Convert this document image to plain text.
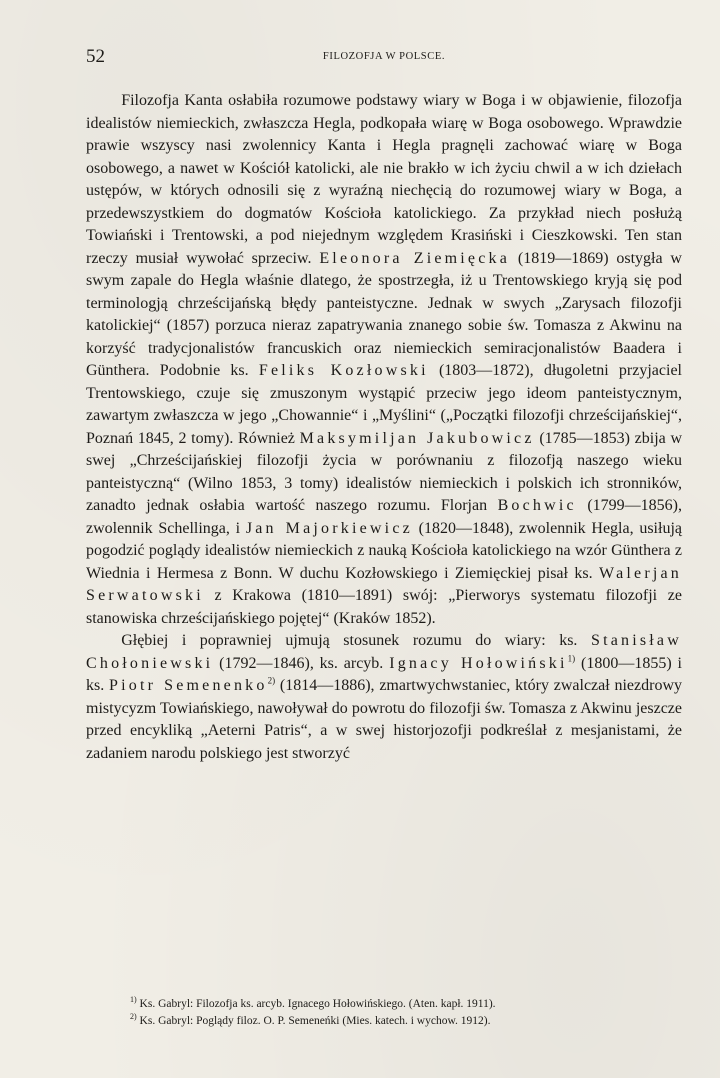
52	FILOZOFJA W POLSCE.

Filozofja Kanta osłabiła rozumowe podstawy wiary w Boga i w objawienie, filozofja idealistów niemieckich, zwłaszcza Hegla, podkopała wiarę w Boga osobowego. Wprawdzie prawie wszyscy nasi zwolennicy Kanta i Hegla pragnęli zachować wiarę w Boga osobowego, a nawet w Kościół katolicki, ale nie brakło w ich życiu chwil a w ich dziełach ustępów, w których odnosili się z wyraźną niechęcią do rozumowej wiary w Boga, a przedewszystkiem do dogmatów Kościoła katolickiego. Za przykład niech posłużą Towiański i Trentowski, a pod niejednym względem Krasiński i Cieszkowski. Ten stan rzeczy musiał wywołać sprzeciw. Eleonora Ziemięcka (1819—1869) ostygła w swym zapale do Hegla właśnie dlatego, że spostrzegła, iż u Trentowskiego kryją się pod terminologją chrześcijańską błędy panteistyczne. Jednak w swych „Zarysach filozofji katolickiej“ (1857) porzuca nieraz zapatrywania znanego sobie św. Tomasza z Akwinu na korzyść tradycjonalistów francuskich oraz niemieckich semiracjonalistów Baadera i Günthera. Podobnie ks. Feliks Kozłowski (1803—1872), długoletni przyjaciel Trentowskiego, czuje się zmuszonym wystąpić przeciw jego ideom panteistycznym, zawartym zwłaszcza w jego „Chowannie“ i „Myślini“ („Początki filozofji chrześcijańskiej“, Poznań 1845, 2 tomy). Również Maksymiljan Jakubowicz (1785—1853) zbija w swej „Chrześcijańskiej filozofji życia w porównaniu z filozofją naszego wieku panteistyczną“ (Wilno 1853, 3 tomy) idealistów niemieckich i polskich ich stronników, zanadto jednak osłabia wartość naszego rozumu. Florjan Bochwic (1799—1856), zwolennik Schellinga, i Jan Majorkiewicz (1820—1848), zwolennik Hegla, usiłują pogodzić poglądy idealistów niemieckich z nauką Kościoła katolickiego na wzór Günthera z Wiednia i Hermesa z Bonn. W duchu Kozłowskiego i Ziemięckiej pisał ks. Walerjan Serwatowski z Krakowa (1810—1891) swój: „Pierworys systematu filozofji ze stanowiska chrześcijańskiego pojętej“ (Kraków 1852).

Głębiej i poprawniej ujmują stosunek rozumu do wiary: ks. Stanisław Chołoniewski (1792—1846), ks. arcyb. Ignacy Hołowiński$^{1)}$ (1800—1855) i ks. Piotr Semenenko$^{2)}$ (1814—1886), zmartwychwstaniec, który zwalczał niezdrowy mistycyzm Towiańskiego, nawoływał do powrotu do filozofji św. Tomasza z Akwinu jeszcze przed encykliką „Aeterni Patris“, a w swej historjozofji podkreślał z mesjanistami, że zadaniem narodu polskiego jest stworzyć

$^{1)}$ Ks. Gabryl: Filozofja ks. arcyb. Ignacego Hołowińskiego. (Aten. kapł. 1911).

$^{2)}$ Ks. Gabryl: Poglądy filoz. O. P. Semeneńki (Mies. katech. i wychow. 1912).
